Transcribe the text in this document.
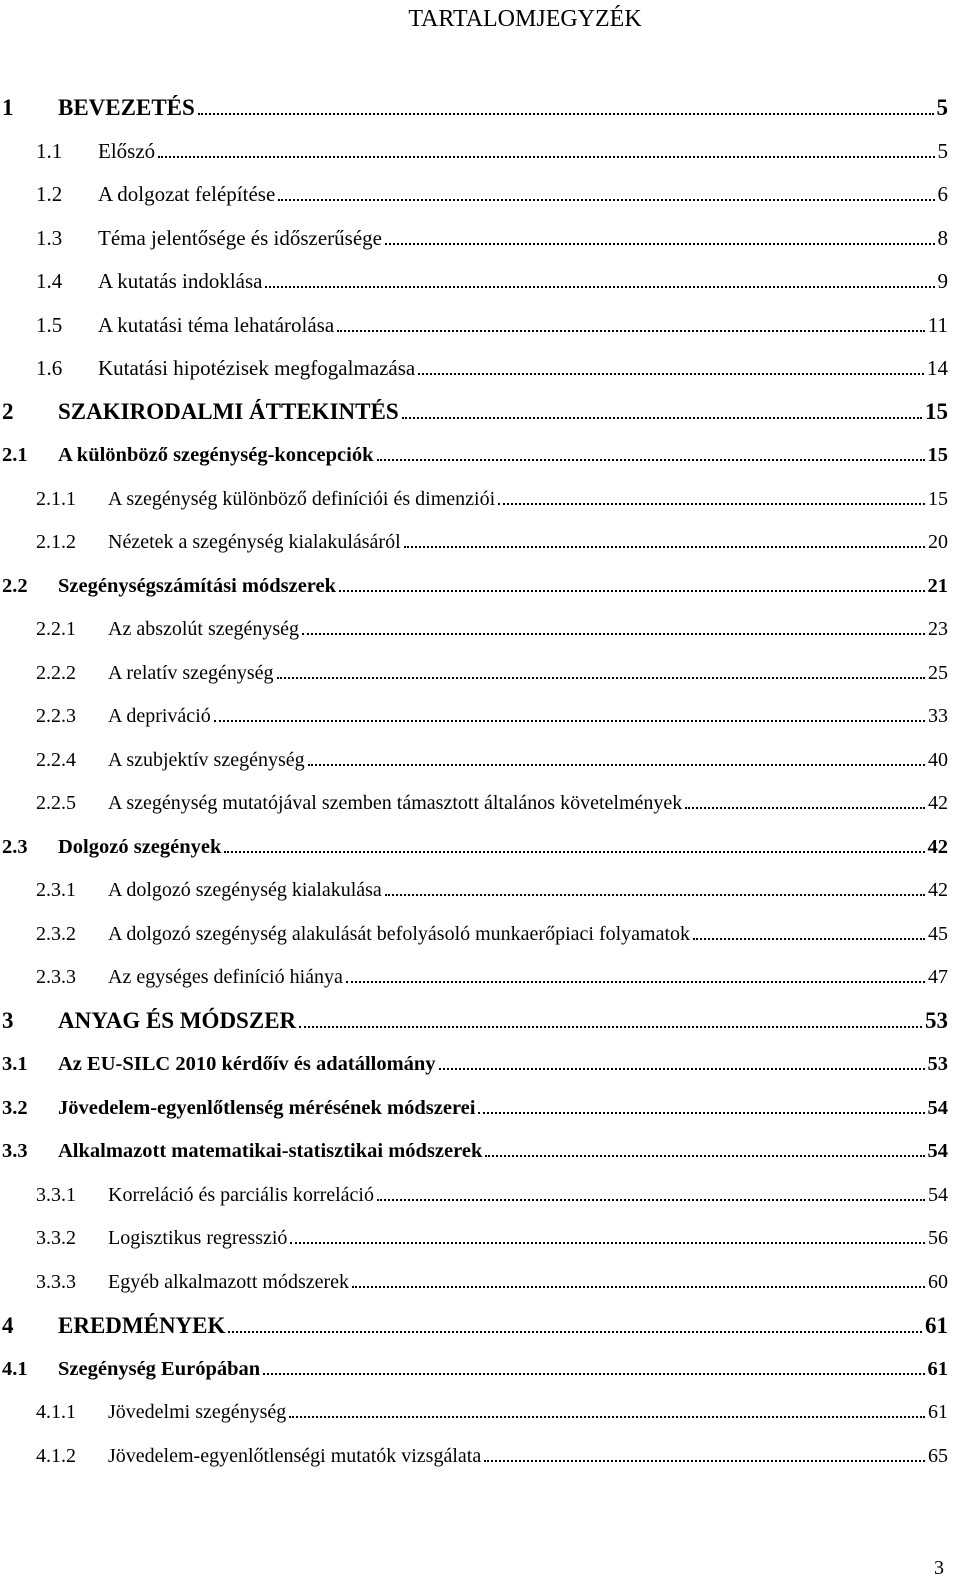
TARTALOMJEGYZÉK
1 BEVEZETÉS	5
1.1 Előszó	5
1.2 A dolgozat felépítése	6
1.3 Téma jelentősége és időszerűsége	8
1.4 A kutatás indoklása	9
1.5 A kutatási téma lehatárolása	11
1.6 Kutatási hipotézisek megfogalmazása	14
2 SZAKIRODALMI ÁTTEKINTÉS	15
2.1 A különböző szegénység-koncepciók	15
2.1.1 A szegénység különböző definíciói és dimenziói	15
2.1.2 Nézetek a szegénység kialakulásáról	20
2.2 Szegénységszámítási módszerek	21
2.2.1 Az abszolút szegénység	23
2.2.2 A relatív szegénység	25
2.2.3 A depriváció	33
2.2.4 A szubjektív szegénység	40
2.2.5 A szegénység mutatójával szemben támasztott általános követelmények	42
2.3 Dolgozó szegények	42
2.3.1 A dolgozó szegénység kialakulása	42
2.3.2 A dolgozó szegénység alakulását befolyásoló munkaerőpiaci folyamatok	45
2.3.3 Az egységes definíció hiánya	47
3 ANYAG ÉS MÓDSZER	53
3.1 Az EU-SILC 2010 kérdőív és adatállomány	53
3.2 Jövedelem-egyenlőtlenség mérésének módszerei	54
3.3 Alkalmazott matematikai-statisztikai módszerek	54
3.3.1 Korreláció és parciális korreláció	54
3.3.2 Logisztikus regresszió	56
3.3.3 Egyéb alkalmazott módszerek	60
4 EREDMÉNYEK	61
4.1 Szegénység Európában	61
4.1.1 Jövedelmi szegénység	61
4.1.2 Jövedelem-egyenlőtlenségi mutatók vizsgálata	65
3
